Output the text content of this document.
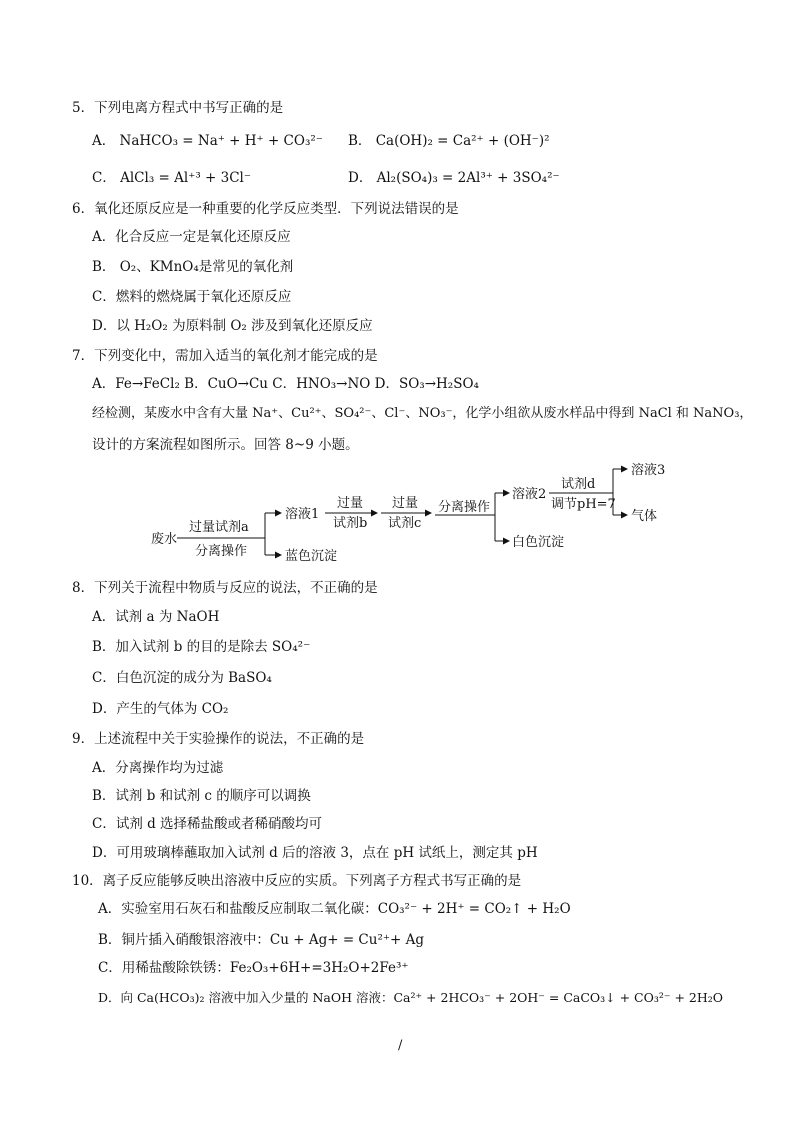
5．下列电离方程式中书写正确的是
A． NaHCO₃ = Na⁺ + H⁺ + CO₃²⁻ B． Ca(OH)₂ = Ca²⁺ + (OH⁻)²
C． AlCl₃ = Al⁺³ + 3Cl⁻	D． Al₂(SO₄)₃ = 2Al³⁺ + 3SO₄²⁻
6．氧化还原反应是一种重要的化学反应类型．下列说法错误的是
A．化合反应一定是氧化还原反应
B． O₂、KMnO₄是常见的氧化剂
C．燃料的燃烧属于氧化还原反应
D．以 H₂O₂ 为原料制 O₂ 涉及到氧化还原反应
7．下列变化中，需加入适当的氧化剂才能完成的是
A．Fe→FeCl₂ B．CuO→Cu C．HNO₃→NO D．SO₃→H₂SO₄
经检测，某废水中含有大量 Na⁺、Cu²⁺、SO₄²⁻、Cl⁻、NO₃⁻，化学小组欲从废水样品中得到 NaCl 和 NaNO₃，
设计的方案流程如图所示。回答 8~9 小题。
废水
过量试剂a
分离操作
溶液1
蓝色沉淀
过量
试剂b
过量
试剂c
分离操作
溶液2
白色沉淀
试剂d
调节pH=7
溶液3
气体
8．下列关于流程中物质与反应的说法，不正确的是
A．试剂 a 为 NaOH
B．加入试剂 b 的目的是除去 SO₄²⁻
C．白色沉淀的成分为 BaSO₄
D．产生的气体为 CO₂
9．上述流程中关于实验操作的说法，不正确的是
A．分离操作均为过滤
B．试剂 b 和试剂 c 的顺序可以调换
C．试剂 d 选择稀盐酸或者稀硝酸均可
D．可用玻璃棒蘸取加入试剂 d 后的溶液 3，点在 pH 试纸上，测定其 pH
10．离子反应能够反映出溶液中反应的实质。下列离子方程式书写正确的是
A．实验室用石灰石和盐酸反应制取二氧化碳：CO₃²⁻ + 2H⁺ = CO₂↑ + H₂O
B．铜片插入硝酸银溶液中：Cu + Ag+ = Cu²⁺+ Ag
C．用稀盐酸除铁锈：Fe₂O₃+6H+=3H₂O+2Fe³⁺
D．向 Ca(HCO₃)₂ 溶液中加入少量的 NaOH 溶液：Ca²⁺ + 2HCO₃⁻ + 2OH⁻ = CaCO₃↓ + CO₃²⁻ + 2H₂O
/
